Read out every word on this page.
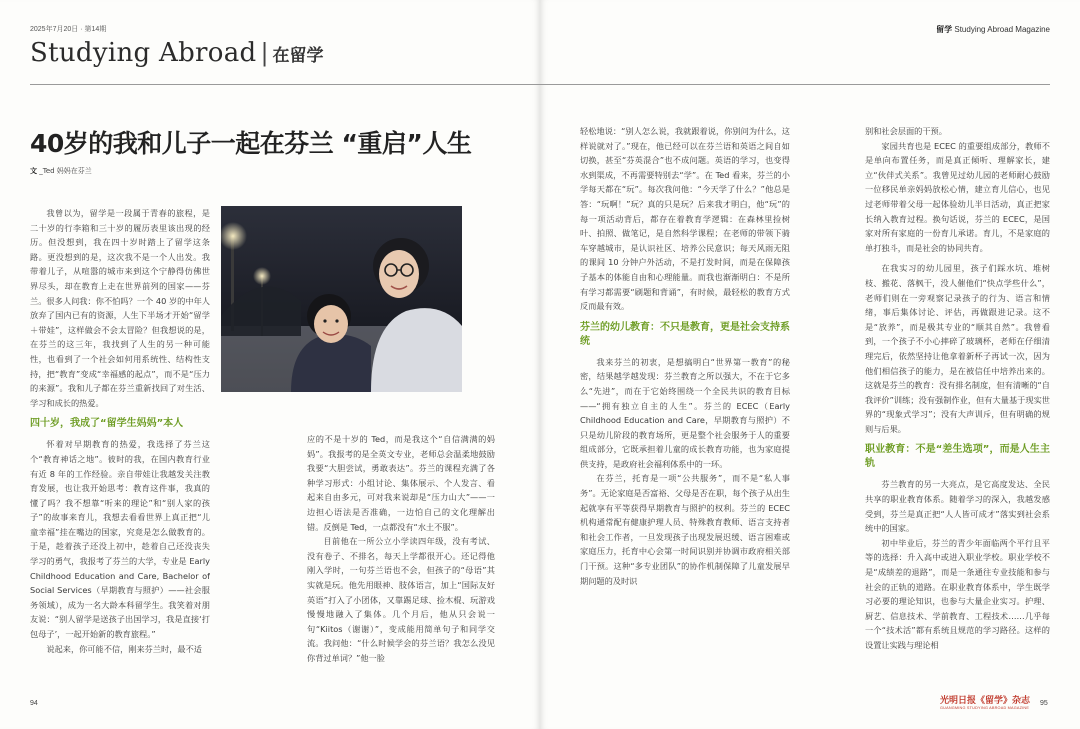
2025年7月20日 · 第14期
Studying Abroad | 在留学
40岁的我和儿子一起在芬兰 “重启”人生
文 _Ted 妈妈在芬兰

我曾以为，留学是一段属于青春的旅程，是二十岁的行李箱和三十岁的履历表里该出现的经历。但没想到，我在四十岁时踏上了留学这条路。更没想到的是，这次我不是一个人出发。我带着儿子，从喧嚣的城市来到这个宁静得仿佛世界尽头，却在教育上走在世界前列的国家——芬兰。很多人问我：你不怕吗？一个 40 岁的中年人放弃了国内已有的资源，人生下半场才开始“留学＋带娃”，这样做会不会太冒险？但我想说的是，在芬兰的这三年，我找到了人生的另一种可能性，也看到了一个社会如何用系统性、结构性支持，把“教育”变成“幸福感的起点”，而不是“压力的来源”。我和儿子都在芬兰重新找回了对生活、学习和成长的热爱。

四十岁，我成了“留学生妈妈”本人

怀着对早期教育的热爱，我选择了芬兰这个“教育神话之地”。彼时的我，在国内教育行业有近 8 年的工作经验。亲自带娃让我越发关注教育发展，也让我开始思考：教育这件事，我真的懂了吗？我不想靠“听来的理论”和“别人家的孩子”的故事来育儿，我想去看看世界上真正把“儿童幸福”挂在嘴边的国家，究竟是怎么做教育的。于是，趁着孩子还没上初中，趁着自己还没丧失学习的勇气，我报考了芬兰的大学，专业是 Early Childhood Education and Care, Bachelor of Social Services（早期教育与照护）——社会服务领域），成为一名大龄本科留学生。我笑着对朋友说：“别人留学是送孩子出国学习，我是直接‘打包母子’，一起开始新的教育旅程。”

说起来，你可能不信，刚来芬兰时，最不适

应的不是十岁的 Ted，而是我这个“自信满满的妈妈”。我报考的是全英文专业，老师总会温柔地鼓励我要“大胆尝试，勇敢表达”。芬兰的课程充满了各种学习形式：小组讨论、集体展示、个人发言、看起来自由多元，可对我来说却是“压力山大”——一边担心语法是否准确，一边怕自己的文化理解出错。反倒是 Ted，一点都没有“水土不服”。

目前他在一所公立小学读四年级，没有考试、没有卷子、不排名，每天上学都很开心。还记得他刚入学时，一句芬兰语也不会，但孩子的“母语”其实就是玩。他先用眼神、肢体语言，加上“国际友好英语”打入了小团体，又靠踢足球、捡木棍、玩游戏慢慢地融入了集体。几个月后，他从只会说一句“Kiitos（谢谢）”，变成能用简单句子和同学交流。我问他：“什么时候学会的芬兰语？我怎么没见你背过单词？”他一脸

94
留学 Studying Abroad Magazine

轻松地说：“别人怎么说，我就跟着说，你别问为什么，这样说就对了。”现在，他已经可以在芬兰语和英语之间自如切换，甚至“芬英混合”也不成问题。英语的学习，也变得水到渠成，不再需要特别去“学”。在 Ted 看来，芬兰的小学每天都在“玩”。每次我问他：“今天学了什么？”他总是答：“玩啊！”玩？真的只是玩？后来我才明白，他“玩”的每一项活动背后，都存在着教育学逻辑：在森林里捡树叶、拍照、做笔记，是自然科学课程；在老师的带领下骑车穿越城市，是认识社区、培养公民意识；每天风雨无阻的课间 10 分钟户外活动，不是打发时间，而是在保障孩子基本的体能自由和心理能量。而我也渐渐明白：不是所有学习都需要“刷题和背诵”，有时候，最轻松的教育方式反而最有效。

芬兰的幼儿教育：不只是教育，更是社会支持系统

我来芬兰的初衷，是想搞明白“世界第一教育”的秘密，结果越学越发现：芬兰教育之所以强大，不在于它多么“先进”，而在于它始终围绕一个全民共识的教育目标——“拥有独立自主的人生”。芬兰的 ECEC（Early Childhood Education and Care，早期教育与照护）不只是幼儿阶段的教育场所，更是整个社会服务于人的重要组成部分，它既承担着儿童的成长教育功能，也为家庭提供支持，是政府社会福利体系中的一环。

在芬兰，托育是一项“公共服务”，而不是“私人事务”。无论家庭是否富裕、父母是否在职，每个孩子从出生起就享有平等获得早期教育与照护的权利。芬兰的 ECEC 机构通常配有健康护理人员、特殊教育教师、语言支持者和社会工作者，一旦发现孩子出现发展迟缓、语言困难或家庭压力，托育中心会第一时间识别并协调市政府相关部门干预。这种“多专业团队”的协作机制保障了儿童发展早期问题的及时识

别和社会层面的干预。

家园共育也是 ECEC 的重要组成部分，教师不是单向布置任务，而是真正倾听、理解家长，建立“伙伴式关系”。我曾见过幼儿园的老师耐心鼓励一位移民单亲妈妈放松心情，建立育儿信心，也见过老师带着父母一起体验幼儿半日活动，真正把家长纳入教育过程。换句话说，芬兰的 ECEC，是国家对所有家庭的一份育儿承诺。育儿，不是家庭的单打独斗，而是社会的协同共育。

在我实习的幼儿园里，孩子们踩水坑、堆树枝、搬花、落枫干，没人催他们“快点学些什么”，老师们则在一旁观察记录孩子的行为、语言和情绪，事后集体讨论、评估，再做跟进记录。这不是“放养”，而是极其专业的“顺其自然”。我曾看到，一个孩子不小心摔碎了玻璃杯，老师在仔细清理完后，依然坚持让他拿着新杯子再试一次，因为他们相信孩子的能力，是在被信任中培养出来的。这就是芬兰的教育：没有排名制度，但有清晰的“自我评价”训练；没有强制作业，但有大量基于现实世界的“现象式学习”；没有大声训斥，但有明确的规则与后果。

职业教育：不是“差生选项”，而是人生主轨

芬兰教育的另一大亮点，是它高度发达、全民共享的职业教育体系。随着学习的深入，我越发感受到，芬兰是真正把“人人皆可成才”落实到社会系统中的国家。

初中毕业后，芬兰的青少年面临两个平行且平等的选择：升入高中或进入职业学校。职业学校不是“成绩差的退路”，而是一条通往专业技能和参与社会的正轨的道路。在职业教育体系中，学生既学习必要的理论知识，也参与大量企业实习。护理、厨艺、信息技术、学前教育、工程技术……几乎每一个“技术活”都有系统且规范的学习路径。这样的设置让实践与理论相

光明日报《留学》杂志
GUANGMING STUDYING ABROAD MAGAZINE
95
